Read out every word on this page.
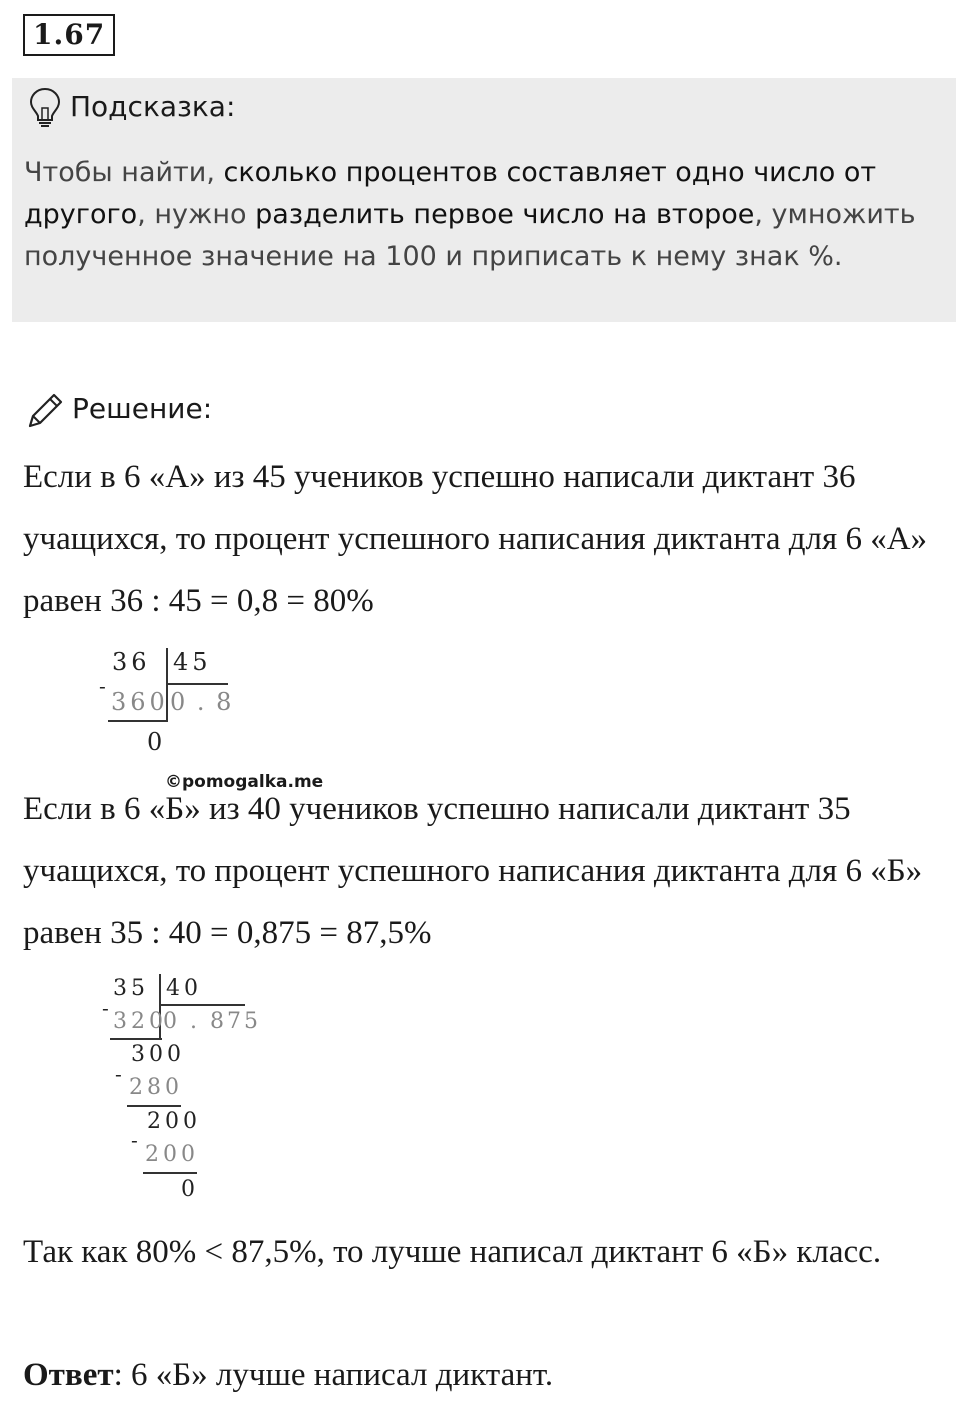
1.67
Подсказка:
Чтобы найти, сколько процентов составляет одно число от другого, нужно разделить первое число на второе, умножить полученное значение на 100 и приписать к нему знак %.
Решение:
Если в 6 «А» из 45 учеников успешно написали диктант 36 учащихся, то процент успешного написания диктанта для 6 «А» равен 36 : 45 = 0,8 = 80%
36 45
-
360 0 . 8
0
©pomogalka.me
Если в 6 «Б» из 40 учеников успешно написали диктант 35 учащихся, то процент успешного написания диктанта для 6 «Б» равен 35 : 40 = 0,875 = 87,5%
35 40
-
320
0 . 875
300
-
280
200
-
200
0
Так как 80% < 87,5%, то лучше написал диктант 6 «Б» класс.
Ответ: 6 «Б» лучше написал диктант.
